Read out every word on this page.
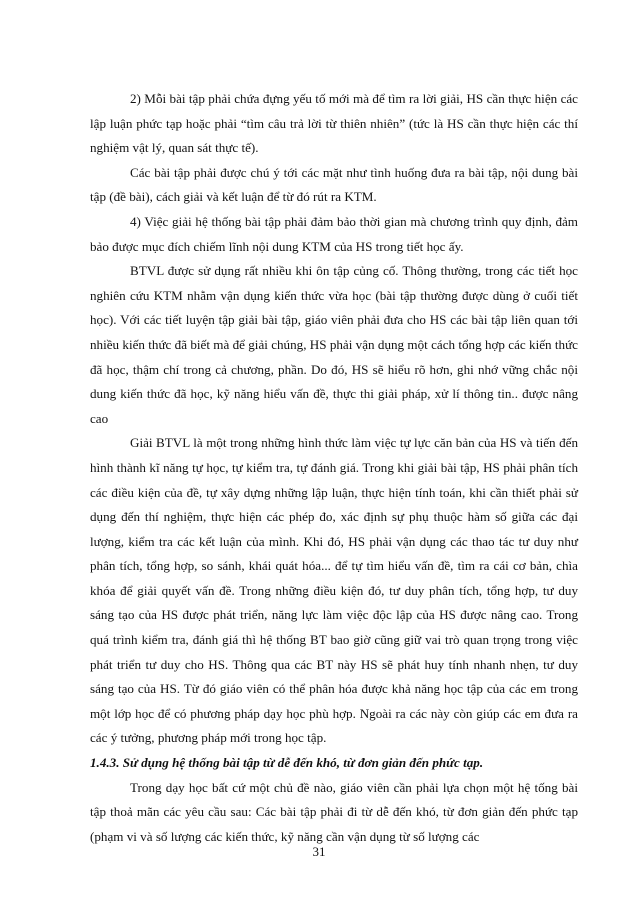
2) Mỗi bài tập phải chứa đựng yếu tố mới mà để tìm ra lời giải, HS cần thực hiện các lập luận phức tạp hoặc phải “tìm câu trả lời từ thiên nhiên” (tức là HS cần thực hiện các thí nghiệm vật lý, quan sát thực tế).

Các bài tập phải được chú ý tới các mặt như tình huống đưa ra bài tập, nội dung bài tập (đề bài), cách giải và kết luận để từ đó rút ra KTM.

4) Việc giải hệ thống bài tập phải đảm bảo thời gian mà chương trình quy định, đảm bảo được mục đích chiếm lĩnh nội dung KTM của HS trong tiết học ấy.

BTVL được sử dụng rất nhiều khi ôn tập củng cố. Thông thường, trong các tiết học nghiên cứu KTM nhằm vận dụng kiến thức vừa học (bài tập thường được dùng ở cuối tiết học). Với các tiết luyện tập giải bài tập, giáo viên phải đưa cho HS các bài tập liên quan tới nhiều kiến thức đã biết mà để giải chúng, HS phải vận dụng một cách tổng hợp các kiến thức đã học, thậm chí trong cả chương, phần. Do đó, HS sẽ hiểu rõ hơn, ghi nhớ vững chắc nội dung kiến thức đã học, kỹ năng hiểu vấn đề, thực thi giải pháp, xử lí thông tin.. được nâng cao

Giải BTVL là một trong những hình thức làm việc tự lực căn bản của HS và tiến đến hình thành kĩ năng tự học, tự kiểm tra, tự đánh giá. Trong khi giải bài tập, HS phải phân tích các điều kiện của đề, tự xây dựng những lập luận, thực hiện tính toán, khi cần thiết phải sử dụng đến thí nghiệm, thực hiện các phép đo, xác định sự phụ thuộc hàm số giữa các đại lượng, kiểm tra các kết luận của mình. Khi đó, HS phải vận dụng các thao tác tư duy như phân tích, tổng hợp, so sánh, khái quát hóa... để tự tìm hiểu vấn đề, tìm ra cái cơ bản, chìa khóa để giải quyết vấn đề. Trong những điều kiện đó, tư duy phân tích, tổng hợp, tư duy sáng tạo của HS được phát triển, năng lực làm việc độc lập của HS được nâng cao. Trong quá trình kiểm tra, đánh giá thì hệ thống BT bao giờ cũng giữ vai trò quan trọng trong việc phát triển tư duy cho HS. Thông qua các BT này HS sẽ phát huy tính nhanh nhẹn, tư duy sáng tạo của HS. Từ đó giáo viên có thể phân hóa được khả năng học tập của các em trong một lớp học để có phương pháp dạy học phù hợp. Ngoài ra các này còn giúp các em đưa ra các ý tưởng, phương pháp mới trong học tập.

1.4.3. Sử dụng hệ thống bài tập từ dễ đến khó, từ đơn giản đến phức tạp.

Trong dạy học bất cứ một chủ đề nào, giáo viên cần phải lựa chọn một hệ tống bài tập thoả mãn các yêu cầu sau: Các bài tập phải đi từ dễ đến khó, từ đơn giản đến phức tạp (phạm vi và số lượng các kiến thức, kỹ năng cần vận dụng từ số lượng các

31
